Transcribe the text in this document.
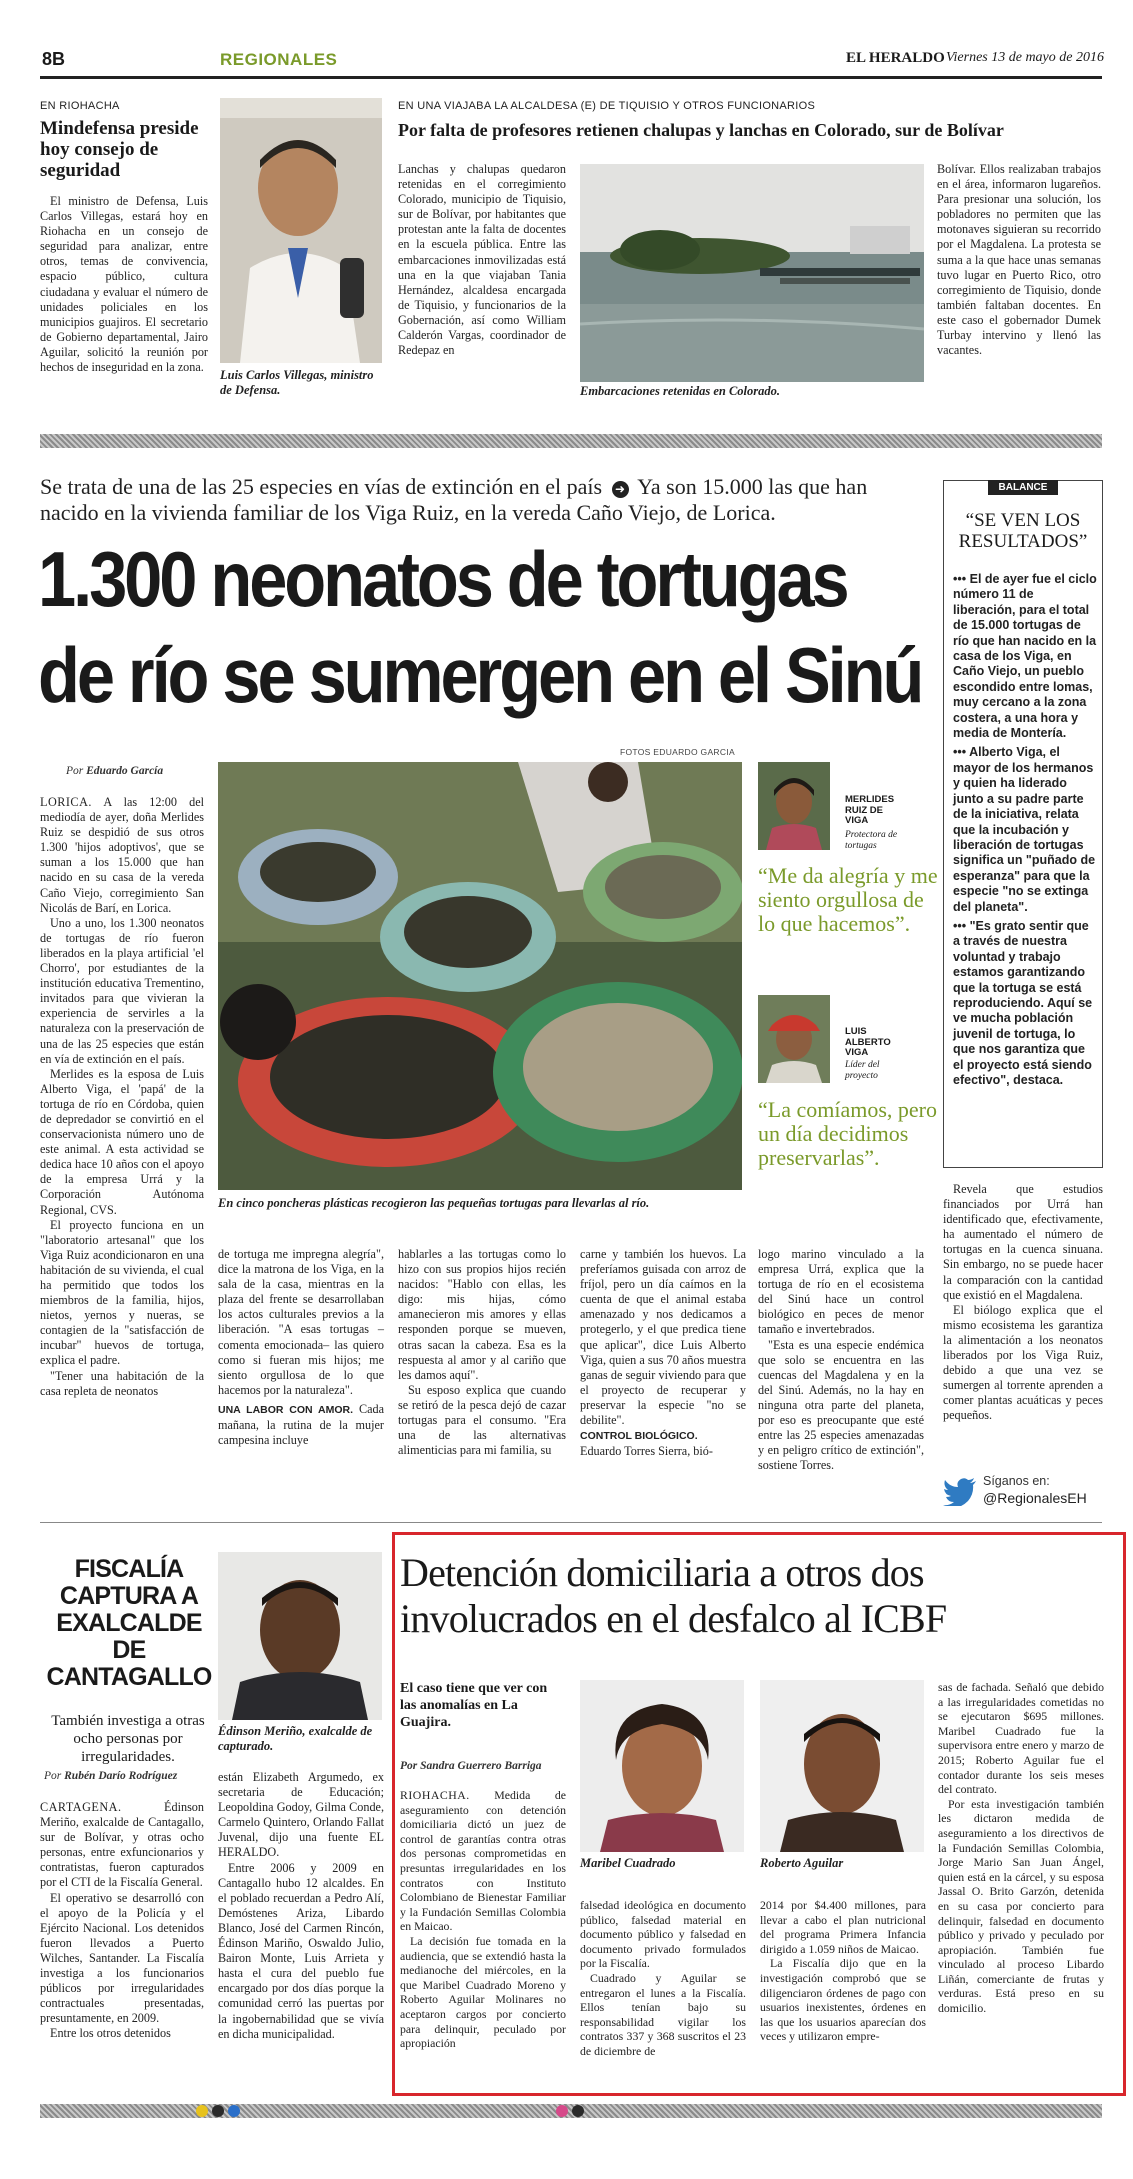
8B	REGIONALES	EL HERALDO Viernes 13 de mayo de 2016
EN RIOHACHA
Mindefensa preside hoy consejo de seguridad
El ministro de Defensa, Luis Carlos Villegas, estará hoy en Riohacha en un consejo de seguridad para analizar, entre otros, temas de convivencia, espacio público, cultura ciudadana y evaluar el número de unidades policiales en los municipios guajiros. El secretario de Gobierno departamental, Jairo Aguilar, solicitó la reunión por hechos de inseguridad en la zona.
Luis Carlos Villegas, ministro de Defensa.
EN UNA VIAJABA LA ALCALDESA (E) DE TIQUISIO Y OTROS FUNCIONARIOS
Por falta de profesores retienen chalupas y lanchas en Colorado, sur de Bolívar
Lanchas y chalupas quedaron retenidas en el corregimiento Colorado, municipio de Tiquisio, sur de Bolívar, por habitantes que protestan ante la falta de docentes en la escuela pública. Entre las embarcaciones inmovilizadas está una en la que viajaban Tania Hernández, alcaldesa encargada de Tiquisio, y funcionarios de la Gobernación, así como William Calderón Vargas, coordinador de Redepaz en
Embarcaciones retenidas en Colorado.
Bolívar. Ellos realizaban trabajos en el área, informaron lugareños. Para presionar una solución, los pobladores no permiten que las motonaves siguieran su recorrido por el Magdalena. La protesta se suma a la que hace unas semanas tuvo lugar en Puerto Rico, otro corregimiento de Tiquisio, donde también faltaban docentes. En este caso el gobernador Dumek Turbay intervino y llenó las vacantes.
Se trata de una de las 25 especies en vías de extinción en el país ➜ Ya son 15.000 las que han nacido en la vivienda familiar de los Viga Ruiz, en la vereda Caño Viejo, de Lorica.
1.300 neonatos de tortugas
de río se sumergen en el Sinú
FOTOS EDUARDO GARCIA
Por Eduardo García

LORICA. A las 12:00 del mediodía de ayer, doña Merlides Ruiz se despidió de sus otros 1.300 'hijos adoptivos', que se suman a los 15.000 que han nacido en su casa de la vereda Caño Viejo, corregimiento San Nicolás de Barí, en Lorica.

Uno a uno, los 1.300 neonatos de tortugas de río fueron liberados en la playa artificial 'el Chorro', por estudiantes de la institución educativa Trementino, invitados para que vivieran la experiencia de servirles a la naturaleza con la preservación de una de las 25 especies que están en vía de extinción en el país.

Merlides es la esposa de Luis Alberto Viga, el 'papá' de la tortuga de río en Córdoba, quien de depredador se convirtió en el conservacionista número uno de este animal. A esta actividad se dedica hace 10 años con el apoyo de la empresa Urrá y la Corporación Autónoma Regional, CVS.

El proyecto funciona en un "laboratorio artesanal" que los Viga Ruiz acondicionaron en una habitación de su vivienda, el cual ha permitido que todos los miembros de la familia, hijos, nietos, yernos y nueras, se contagien de la "satisfacción de incubar" huevos de tortuga, explica el padre.

"Tener una habitación de la casa repleta de neonatos

En cinco poncheras plásticas recogieron las pequeñas tortugas para llevarlas al río.
MERLIDES RUIZ DE VIGA
Protectora de tortugas
“Me da alegría y me siento orgullosa de lo que hacemos”.
LUIS ALBERTO VIGA
Líder del proyecto
“La comíamos, pero un día decidimos preservarlas”.
BALANCE
“SE VEN LOS RESULTADOS”

••• El de ayer fue el ciclo número 11 de liberación, para el total de 15.000 tortugas de río que han nacido en la casa de los Viga, en Caño Viejo, un pueblo escondido entre lomas, muy cercano a la zona costera, a una hora y media de Montería.

••• Alberto Viga, el mayor de los hermanos y quien ha liderado junto a su padre parte de la iniciativa, relata que la incubación y liberación de tortugas significa un "puñado de esperanza" para que la especie "no se extinga del planeta".

••• "Es grato sentir que a través de nuestra voluntad y trabajo estamos garantizando que la tortuga se está reproduciendo. Aquí se ve mucha población juvenil de tortuga, lo que nos garantiza que el proyecto está siendo efectivo", destaca.

de tortuga me impregna alegría", dice la matrona de los Viga, en la sala de la casa, mientras en la plaza del frente se desarrollaban los actos culturales previos a la liberación. "A esas tortugas –comenta emocionada– las quiero como si fueran mis hijos; me siento orgullosa de lo que hacemos por la naturaleza".

UNA LABOR CON AMOR. Cada mañana, la rutina de la mujer campesina incluye

hablarles a las tortugas como lo hizo con sus propios hijos recién nacidos: "Hablo con ellas, les digo: mis hijas, cómo amanecieron mis amores y ellas responden porque se mueven, otras sacan la cabeza. Esa es la respuesta al amor y al cariño que les damos aquí".

Su esposo explica que cuando se retiró de la pesca dejó de cazar tortugas para el consumo. "Era una de las alternativas alimenticias para mi familia, su

carne y también los huevos. La preferíamos guisada con arroz de fríjol, pero un día caímos en la cuenta de que el animal estaba amenazado y nos dedicamos a protegerlo, y el que predica tiene que aplicar", dice Luis Alberto Viga, quien a sus 70 años muestra ganas de seguir viviendo para que el proyecto de recuperar y preservar la especie "no se debilite".

CONTROL BIOLÓGICO.

Eduardo Torres Sierra, bió-

logo marino vinculado a la empresa Urrá, explica que la tortuga de río en el ecosistema del Sinú hace un control biológico en peces de menor tamaño e invertebrados.

"Esta es una especie endémica que solo se encuentra en las cuencas del Magdalena y en la del Sinú. Además, no la hay en ninguna otra parte del planeta, por eso es preocupante que esté entre las 25 especies amenazadas y en peligro crítico de extinción", sostiene Torres.

Revela que estudios financiados por Urrá han identificado que, efectivamente, ha aumentado el número de tortugas en la cuenca sinuana. Sin embargo, no se puede hacer la comparación con la cantidad que existió en el Magdalena.

El biólogo explica que el mismo ecosistema les garantiza la alimentación a los neonatos liberados por los Viga Ruiz, debido a que una vez se sumergen al torrente aprenden a comer plantas acuáticas y peces pequeños.

Síganos en:
@RegionalesEH
FISCALÍA CAPTURA A EXALCALDE DE CANTAGALLO
También investiga a otras ocho personas por irregularidades.
Por Rubén Darío Rodríguez

CARTAGENA.	Édinson Meriño, exalcalde de Cantagallo, sur de Bolívar, y otras ocho personas, entre exfuncionarios y contratistas, fueron capturados por el CTI de la Fiscalía General.

El operativo se desarrolló con el apoyo de la Policía y el Ejército Nacional. Los detenidos fueron llevados a Puerto Wilches, Santander. La Fiscalía investiga a los funcionarios públicos por irregularidades contractuales presentadas, presuntamente, en 2009.

Entre los otros detenidos

Édinson Meriño, exalcalde de capturado.

están Elizabeth Argumedo, ex secretaria de Educación; Leopoldina Godoy, Gilma Conde, Carmelo Quintero, Orlando Fallat Juvenal, dijo una fuente EL HERALDO.

Entre 2006 y 2009 en Cantagallo hubo 12 alcaldes. En el poblado recuerdan a Pedro Alí, Demóstenes Ariza, Libardo Blanco, José del Carmen Rincón, Édinson Mariño, Oswaldo Julio, Bairon Monte, Luis Arrieta y hasta el cura del pueblo fue encargado por dos días porque la comunidad cerró las puertas por la ingobernabilidad que se vivía en dicha municipalidad.

Detención domiciliaria a otros dos involucrados en el desfalco al ICBF
El caso tiene que ver con las anomalías en La Guajira.
Por Sandra Guerrero Barriga

RIOHACHA. Medida de aseguramiento con detención domiciliaria dictó un juez de control de garantías contra otras dos personas comprometidas en presuntas irregularidades en los contratos con Instituto Colombiano de Bienestar Familiar y la Fundación Semillas Colombia en Maicao.

La decisión fue tomada en la audiencia, que se extendió hasta la medianoche del miércoles, en la que Maribel Cuadrado Moreno y Roberto Aguilar Molinares no aceptaron cargos por concierto para delinquir, peculado por apropiación

Maribel Cuadrado	Roberto Aguilar

falsedad ideológica en documento público, falsedad material en documento público y falsedad en documento privado formulados por la Fiscalía.

Cuadrado y Aguilar se entregaron el lunes a la Fiscalía. Ellos tenían bajo su responsabilidad vigilar los contratos 337 y 368 suscritos el 23 de diciembre de

2014 por $4.400 millones, para llevar a cabo el plan nutricional del programa Primera Infancia dirigido a 1.059 niños de Maicao.

La Fiscalía dijo que en la investigación comprobó que se diligenciaron órdenes de pago con usuarios inexistentes, órdenes en las que los usuarios aparecían dos veces y utilizaron empre-

sas de fachada. Señaló que debido a las irregularidades cometidas no se ejecutaron $695 millones. Maribel Cuadrado fue la supervisora entre enero y marzo de 2015; Roberto Aguilar fue el contador durante los seis meses del contrato.

Por esta investigación también les dictaron medida de aseguramiento a los directivos de la Fundación Semillas Colombia, Jorge Mario San Juan Ángel, quien está en la cárcel, y su esposa Jassal O. Brito Garzón, detenida en su casa por concierto para delinquir, falsedad en documento público y privado y peculado por apropiación. También fue vinculado al proceso Libardo Liñán, comerciante de frutas y verduras. Está preso en su domicilio.
